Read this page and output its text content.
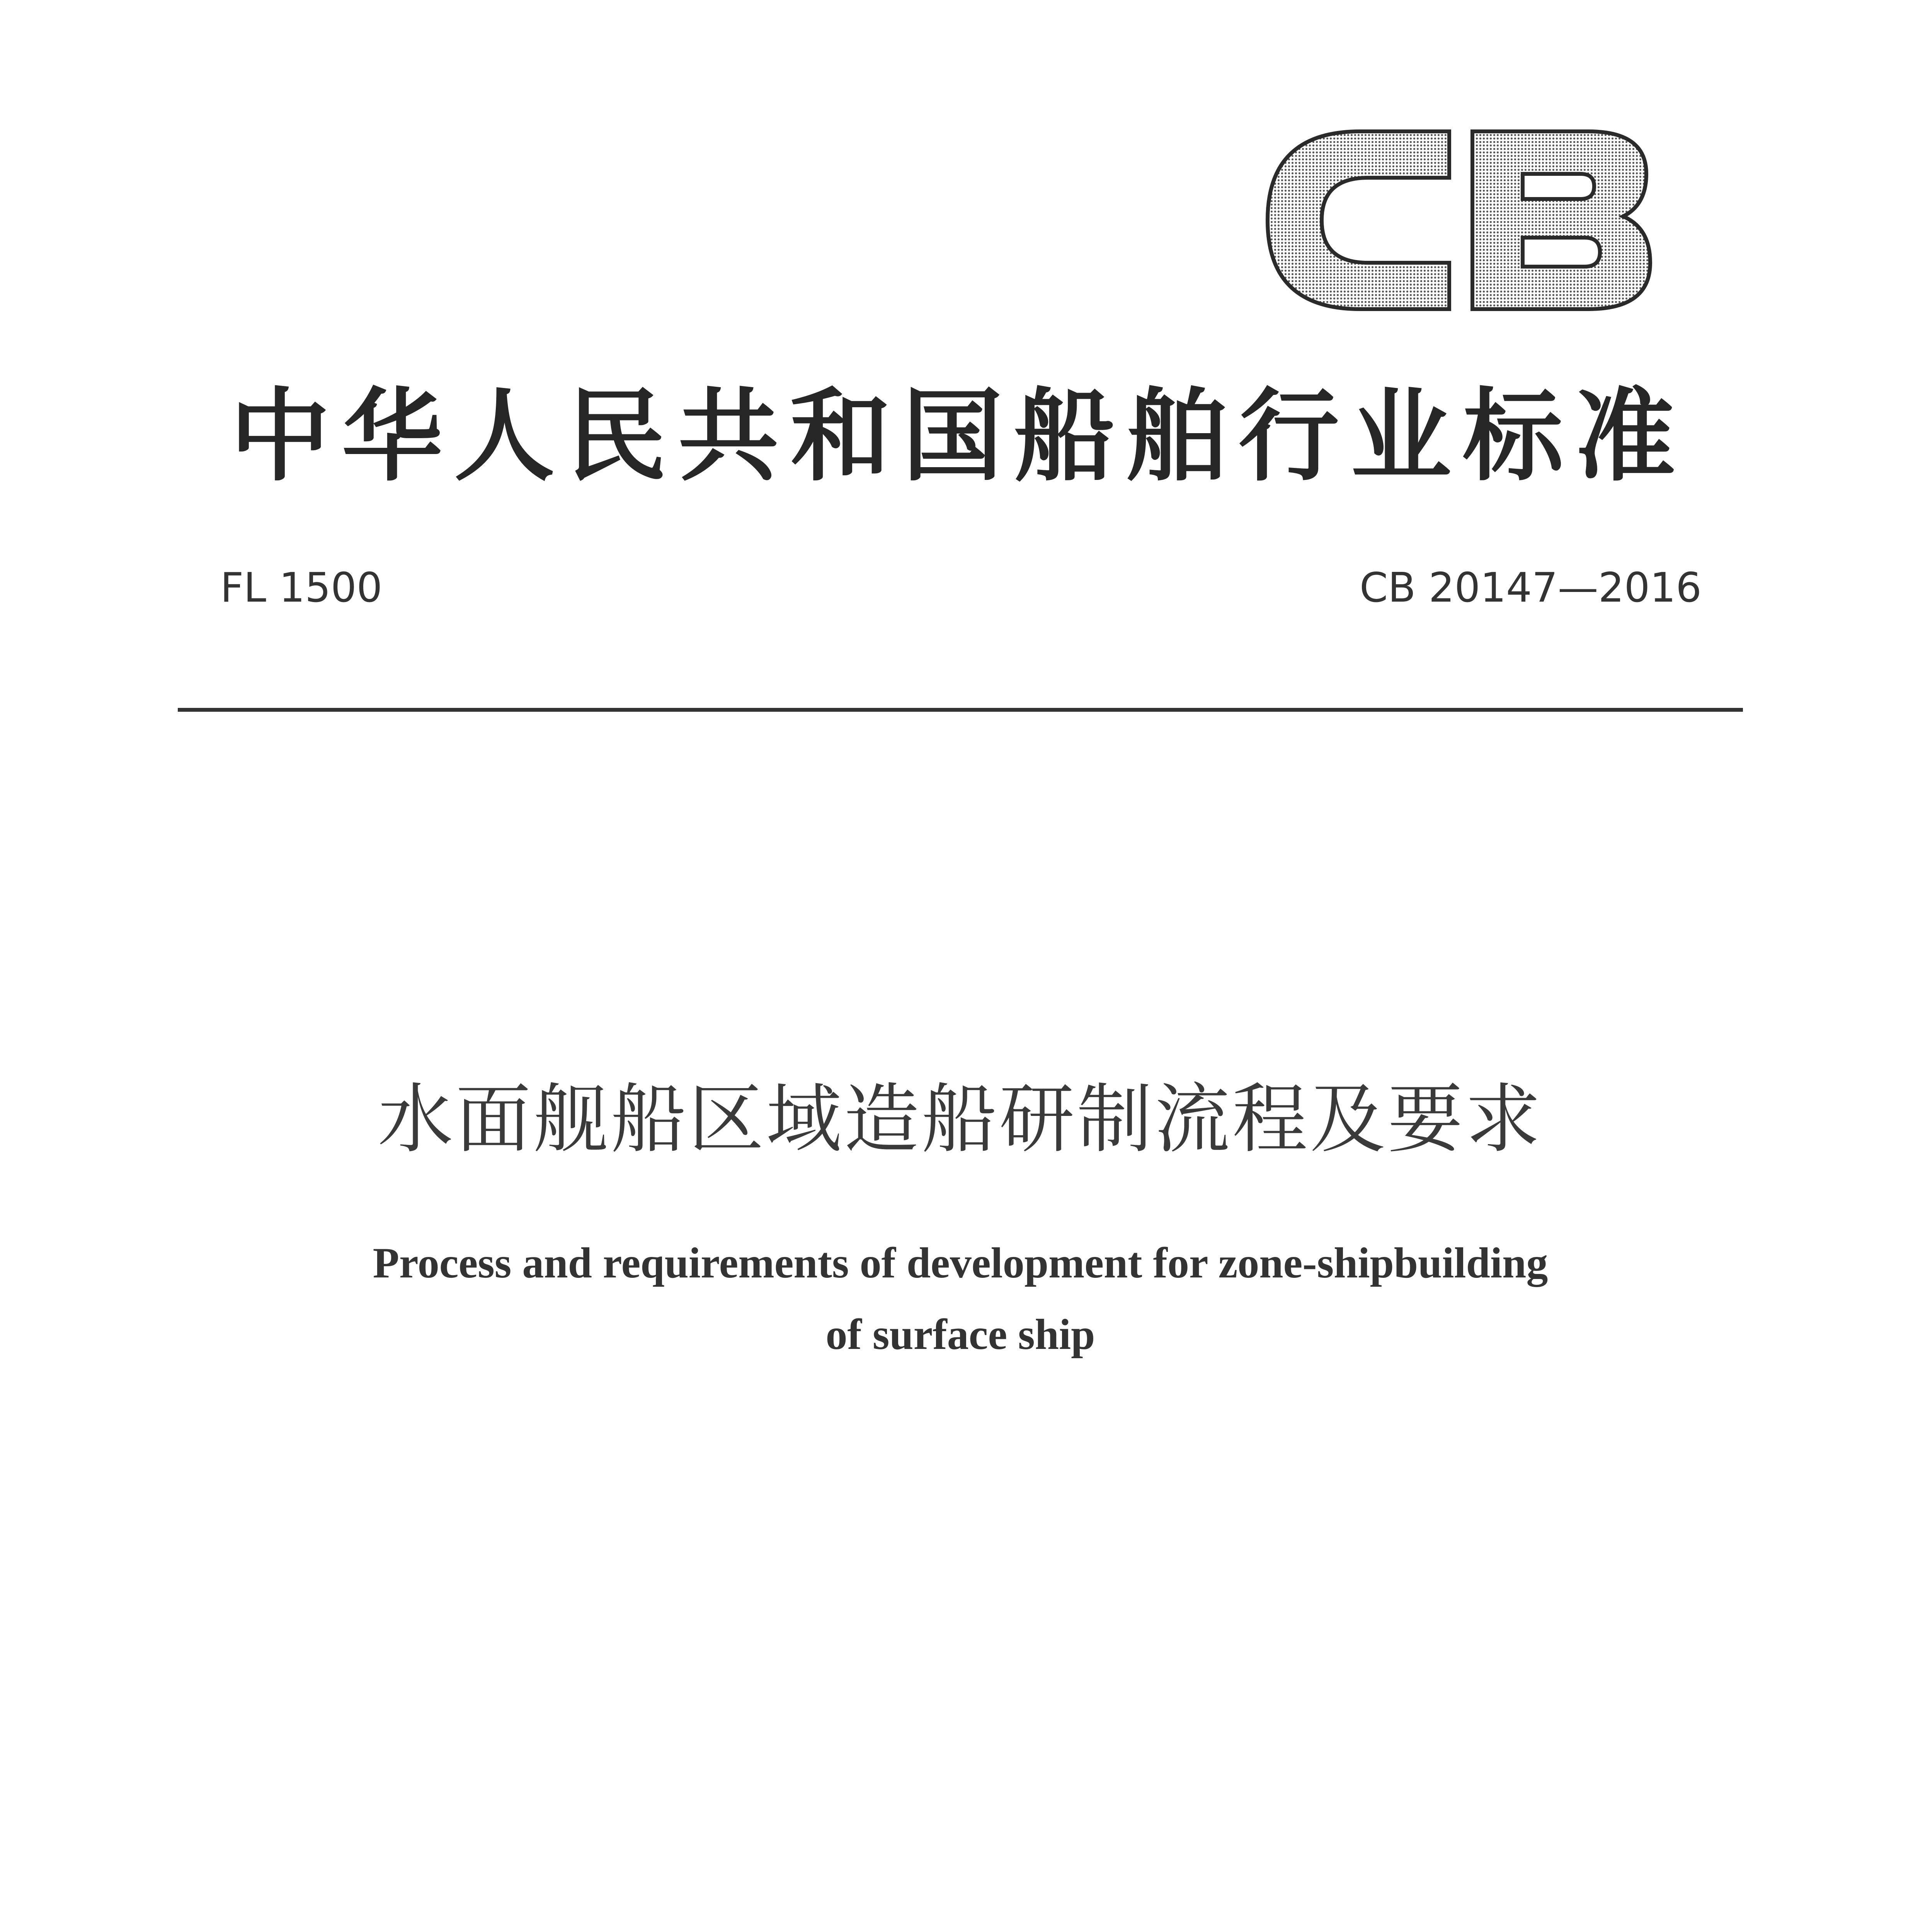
CB
中华人民共和国船舶行业标准
FL 1500	CB 20147—2016
水面舰船区域造船研制流程及要求
Process and requirements of development for zone-shipbuilding
of surface ship
